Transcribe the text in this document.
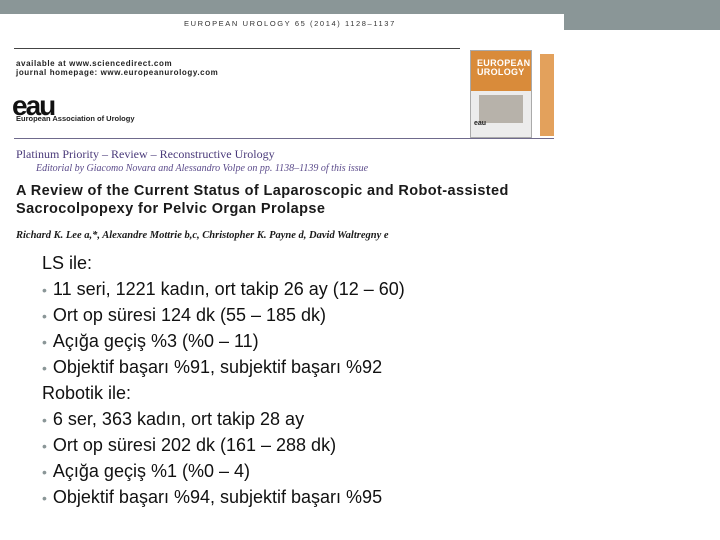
EUROPEAN UROLOGY 65 (2014) 1128–1137

available at www.sciencedirect.com

journal homepage: www.europeanurology.com

eau

European Association of Urology

EUROPEAN
UROLOGY

eau

Platinum Priority – Review – Reconstructive Urology

Editorial by Giacomo Novara and Alessandro Volpe on pp. 1138–1139 of this issue

A Review of the Current Status of Laparoscopic and Robot-assisted

Sacrocolpopexy for Pelvic Organ Prolapse

Richard K. Lee a,*, Alexandre Mottrie b,c, Christopher K. Payne d, David Waltregny e

LS ile:
• 11 seri, 1221 kadın, ort takip 26 ay (12 – 60)
• Ort op süresi 124 dk (55 – 185 dk)
• Açığa geçiş %3 (%0 – 11)
• Objektif başarı %91, subjektif başarı %92
Robotik ile:
• 6 ser, 363 kadın, ort takip 28 ay
• Ort op süresi 202 dk (161 – 288 dk)
• Açığa geçiş %1 (%0 – 4)
• Objektif başarı %94, subjektif başarı %95
